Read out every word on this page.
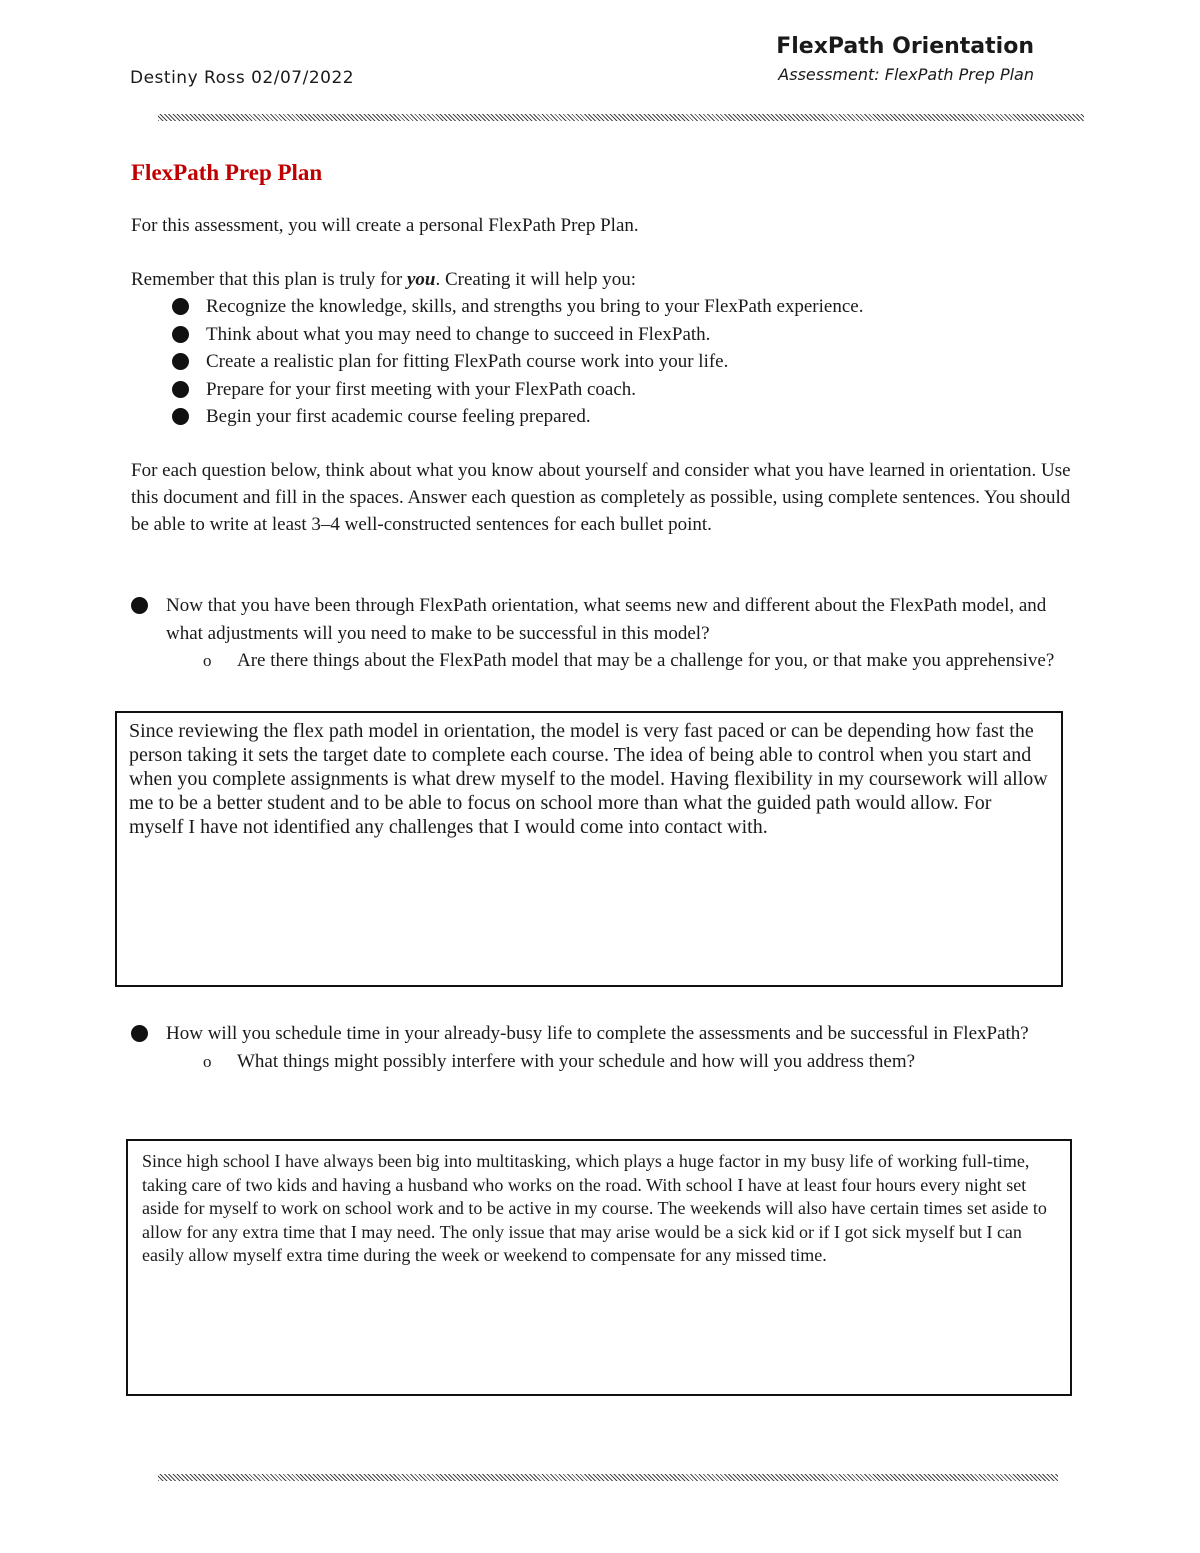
Destiny Ross 02/07/2022
FlexPath Orientation
Assessment: FlexPath Prep Plan
FlexPath Prep Plan
For this assessment, you will create a personal FlexPath Prep Plan.
Remember that this plan is truly for you. Creating it will help you:
Recognize the knowledge, skills, and strengths you bring to your FlexPath experience.
Think about what you may need to change to succeed in FlexPath.
Create a realistic plan for fitting FlexPath course work into your life.
Prepare for your first meeting with your FlexPath coach.
Begin your first academic course feeling prepared.
For each question below, think about what you know about yourself and consider what you have learned in orientation. Use this document and fill in the spaces. Answer each question as completely as possible, using complete sentences. You should be able to write at least 3–4 well-constructed sentences for each bullet point.
Now that you have been through FlexPath orientation, what seems new and different about the FlexPath model, and what adjustments will you need to make to be successful in this model?
o Are there things about the FlexPath model that may be a challenge for you, or that make you apprehensive?
Since reviewing the flex path model in orientation, the model is very fast paced or can be depending how fast the person taking it sets the target date to complete each course. The idea of being able to control when you start and when you complete assignments is what drew myself to the model. Having flexibility in my coursework will allow me to be a better student and to be able to focus on school more than what the guided path would allow. For myself I have not identified any challenges that I would come into contact with.
How will you schedule time in your already-busy life to complete the assessments and be successful in FlexPath?
o What things might possibly interfere with your schedule and how will you address them?
Since high school I have always been big into multitasking, which plays a huge factor in my busy life of working full-time, taking care of two kids and having a husband who works on the road. With school I have at least four hours every night set aside for myself to work on school work and to be active in my course. The weekends will also have certain times set aside to allow for any extra time that I may need. The only issue that may arise would be a sick kid or if I got sick myself but I can easily allow myself extra time during the week or weekend to compensate for any missed time.
